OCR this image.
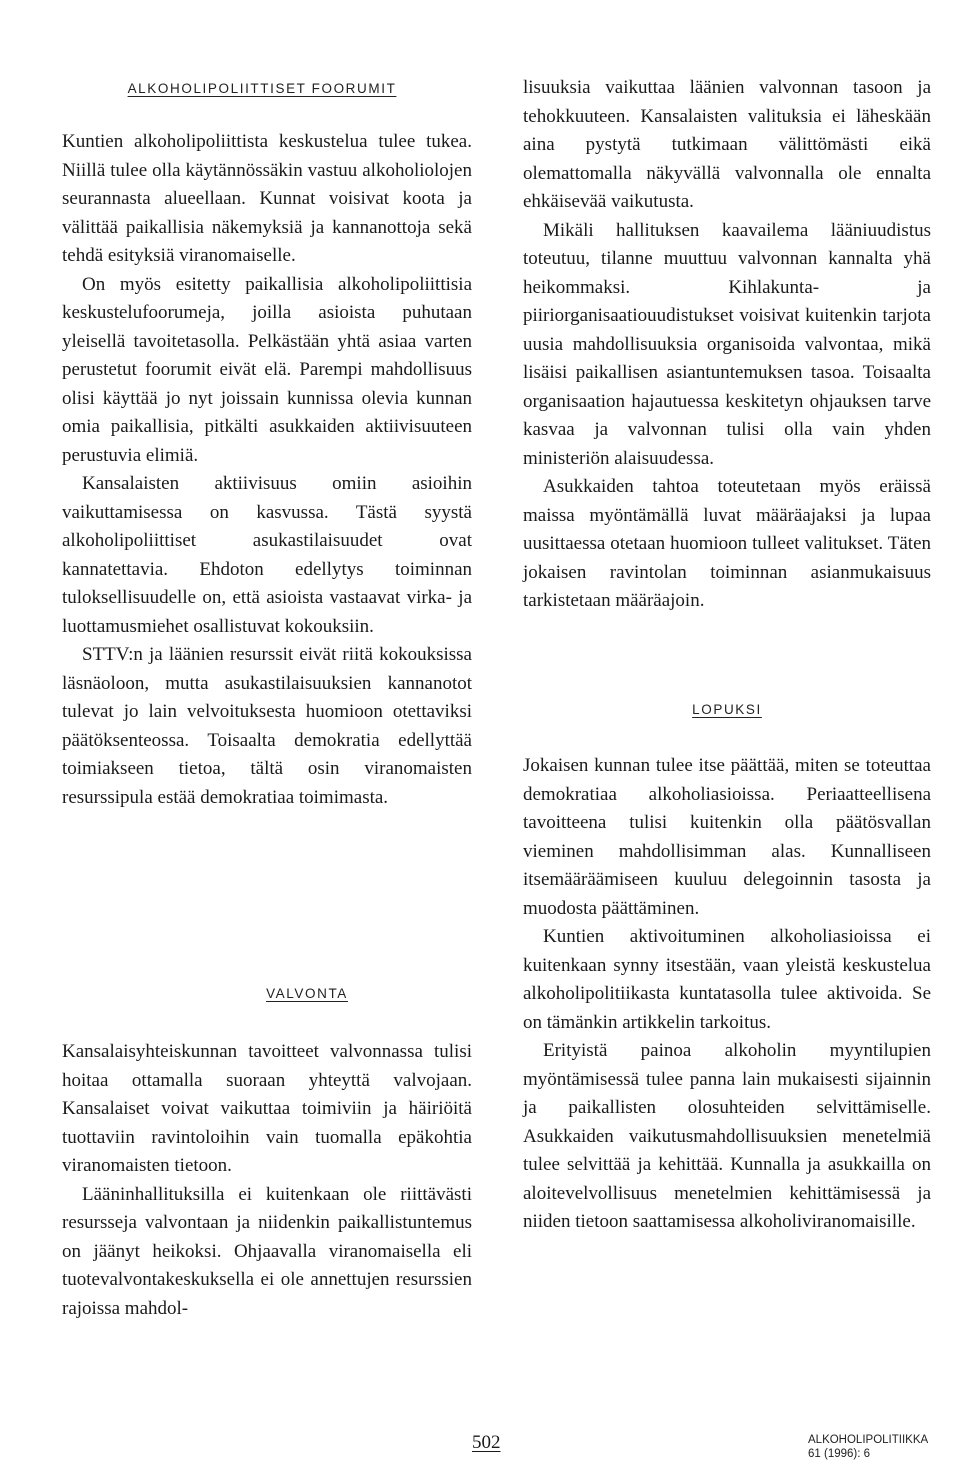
ALKOHOLIPOLIITTISET FOORUMIT

Kuntien alkoholipoliittista keskustelua tulee tukea. Niillä tulee olla käytännössäkin vastuu alkoholiolojen seurannasta alueellaan. Kunnat voisivat koota ja välittää paikallisia näkemyksiä ja kannanottoja sekä tehdä esityksiä viranomaiselle.

On myös esitetty paikallisia alkoholipoliittisia keskustelufoorumeja, joilla asioista puhutaan yleisellä tavoitetasolla. Pelkästään yhtä asiaa varten perustetut foorumit eivät elä. Parempi mahdollisuus olisi käyttää jo nyt joissain kunnissa olevia kunnan omia paikallisia, pitkälti asukkaiden aktiivisuuteen perustuvia elimiä.

Kansalaisten aktiivisuus omiin asioihin vaikuttamisessa on kasvussa. Tästä syystä alkoholipoliittiset asukastilaisuudet ovat kannatettavia. Ehdoton edellytys toiminnan tuloksellisuudelle on, että asioista vastaavat virka- ja luottamusmiehet osallistuvat kokouksiin.

STTV:n ja läänien resurssit eivät riitä kokouksissa läsnäoloon, mutta asukastilaisuuksien kannanotot tulevat jo lain velvoituksesta huomioon otettaviksi päätöksenteossa. Toisaalta demokratia edellyttää toimiakseen tietoa, tältä osin viranomaisten resurssipula estää demokratiaa toimimasta.

VALVONTA

Kansalaisyhteiskunnan tavoitteet valvonnassa tulisi hoitaa ottamalla suoraan yhteyttä valvojaan. Kansalaiset voivat vaikuttaa toimiviin ja häiriöitä tuottaviin ravintoloihin vain tuomalla epäkohtia viranomaisten tietoon.

Lääninhallituksilla ei kuitenkaan ole riittävästi resursseja valvontaan ja niidenkin paikallistuntemus on jäänyt heikoksi. Ohjaavalla viranomaisella eli tuotevalvontakeskuksella ei ole annettujen resurssien rajoissa mahdol-

lisuuksia vaikuttaa läänien valvonnan tasoon ja tehokkuuteen. Kansalaisten valituksia ei läheskään aina pystytä tutkimaan välittömästi eikä olemattomalla näkyvällä valvonnalla ole ennalta ehkäisevää vaikutusta.

Mikäli hallituksen kaavailema lääniuudistus toteutuu, tilanne muuttuu valvonnan kannalta yhä heikommaksi. Kihlakunta- ja piiriorganisaatiouudistukset voisivat kuitenkin tarjota uusia mahdollisuuksia organisoida valvontaa, mikä lisäisi paikallisen asiantuntemuksen tasoa. Toisaalta organisaation hajautuessa keskitetyn ohjauksen tarve kasvaa ja valvonnan tulisi olla vain yhden ministeriön alaisuudessa.

Asukkaiden tahtoa toteutetaan myös eräissä maissa myöntämällä luvat määräajaksi ja lupaa uusittaessa otetaan huomioon tulleet valitukset. Täten jokaisen ravintolan toiminnan asianmukaisuus tarkistetaan määräajoin.

LOPUKSI

Jokaisen kunnan tulee itse päättää, miten se toteuttaa demokratiaa alkoholiasioissa. Periaatteellisena tavoitteena tulisi kuitenkin olla päätösvallan vieminen mahdollisimman alas. Kunnalliseen itsemääräämiseen kuuluu delegoinnin tasosta ja muodosta päättäminen.

Kuntien aktivoituminen alkoholiasioissa ei kuitenkaan synny itsestään, vaan yleistä keskustelua alkoholipolitiikasta kuntatasolla tulee aktivoida. Se on tämänkin artikkelin tarkoitus.

Erityistä painoa alkoholin myyntilupien myöntämisessä tulee panna lain mukaisesti sijainnin ja paikallisten olosuhteiden selvittämiselle. Asukkaiden vaikutusmahdollisuuksien menetelmiä tulee selvittää ja kehittää. Kunnalla ja asukkailla on aloitevelvollisuus menetelmien kehittämisessä ja niiden tietoon saattamisessa alkoholiviranomaisille.

502	ALKOHOLIPOLITIIKKA
61 (1996): 6
